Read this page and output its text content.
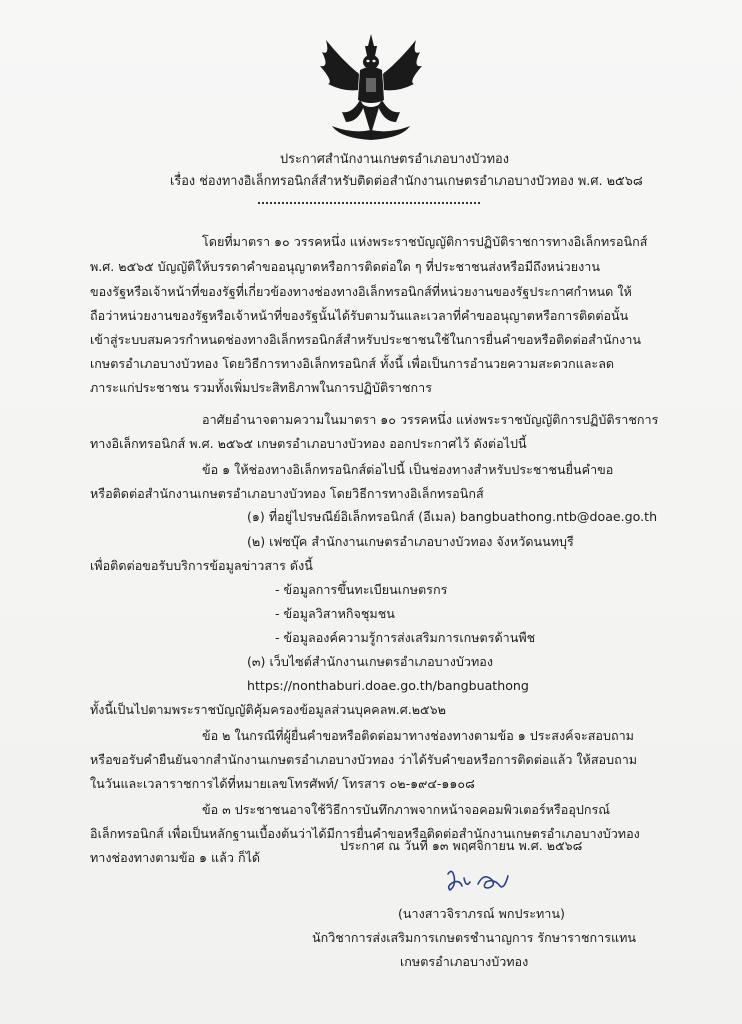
ประกาศสำนักงานเกษตรอำเภอบางบัวทอง
เรื่อง ช่องทางอิเล็กทรอนิกส์สำหรับติดต่อสำนักงานเกษตรอำเภอบางบัวทอง พ.ศ. ๒๕๖๘
โดยที่มาตรา ๑๐ วรรคหนึ่ง แห่งพระราชบัญญัติการปฏิบัติราชการทางอิเล็กทรอนิกส์
พ.ศ. ๒๕๖๕ บัญญัติให้บรรดาคำขออนุญาตหรือการติดต่อใด ๆ ที่ประชาชนส่งหรือมีถึงหน่วยงาน
ของรัฐหรือเจ้าหน้าที่ของรัฐที่เกี่ยวข้องทางช่องทางอิเล็กทรอนิกส์ที่หน่วยงานของรัฐประกาศกำหนด ให้
ถือว่าหน่วยงานของรัฐหรือเจ้าหน้าที่ของรัฐนั้นได้รับตามวันและเวลาที่คำขออนุญาตหรือการติดต่อนั้น
เข้าสู่ระบบสมควรกำหนดช่องทางอิเล็กทรอนิกส์สำหรับประชาชนใช้ในการยื่นคำขอหรือติดต่อสำนักงาน
เกษตรอำเภอบางบัวทอง โดยวิธีการทางอิเล็กทรอนิกส์ ทั้งนี้ เพื่อเป็นการอำนวยความสะดวกและลด
ภาระแก่ประชาชน รวมทั้งเพิ่มประสิทธิภาพในการปฏิบัติราชการ
อาศัยอำนาจตามความในมาตรา ๑๐ วรรคหนึ่ง แห่งพระราชบัญญัติการปฏิบัติราชการ
ทางอิเล็กทรอนิกส์ พ.ศ. ๒๕๖๕ เกษตรอำเภอบางบัวทอง ออกประกาศไว้ ดังต่อไปนี้
ข้อ ๑ ให้ช่องทางอิเล็กทรอนิกส์ต่อไปนี้ เป็นช่องทางสำหรับประชาชนยื่นคำขอ
หรือติดต่อสำนักงานเกษตรอำเภอบางบัวทอง โดยวิธีการทางอิเล็กทรอนิกส์
(๑) ที่อยู่ไปรษณีย์อิเล็กทรอนิกส์ (อีเมล) bangbuathong.ntb@doae.go.th
(๒) เฟซบุ๊ค สำนักงานเกษตรอำเภอบางบัวทอง จังหวัดนนทบุรี
เพื่อติดต่อขอรับบริการข้อมูลข่าวสาร ดังนี้
- ข้อมูลการขึ้นทะเบียนเกษตรกร
- ข้อมูลวิสาหกิจชุมชน
- ข้อมูลองค์ความรู้การส่งเสริมการเกษตรด้านพืช
(๓) เว็บไซต์สำนักงานเกษตรอำเภอบางบัวทอง
https://nonthaburi.doae.go.th/bangbuathong
ทั้งนี้เป็นไปตามพระราชบัญญัติคุ้มครองข้อมูลส่วนบุคคลพ.ศ.๒๕๖๒
ข้อ ๒ ในกรณีที่ผู้ยื่นคำขอหรือติดต่อมาทางช่องทางตามข้อ ๑ ประสงค์จะสอบถาม
หรือขอรับคำยืนยันจากสำนักงานเกษตรอำเภอบางบัวทอง ว่าได้รับคำขอหรือการติดต่อแล้ว ให้สอบถาม
ในวันและเวลาราชการได้ที่หมายเลขโทรศัพท์/ โทรสาร ๐๒-๑๙๔-๑๑๐๘
ข้อ ๓ ประชาชนอาจใช้วิธีการบันทึกภาพจากหน้าจอคอมพิวเตอร์หรืออุปกรณ์
อิเล็กทรอนิกส์ เพื่อเป็นหลักฐานเบื้องต้นว่าได้มีการยื่นคำขอหรือติดต่อสำนักงานเกษตรอำเภอบางบัวทอง
ทางช่องทางตามข้อ ๑ แล้ว ก็ได้
ประกาศ ณ วันที่ ๑๓ พฤศจิกายน พ.ศ. ๒๕๖๘
(นางสาวจิราภรณ์ พกประทาน)
นักวิชาการส่งเสริมการเกษตรชำนาญการ รักษาราชการแทน
เกษตรอำเภอบางบัวทอง
